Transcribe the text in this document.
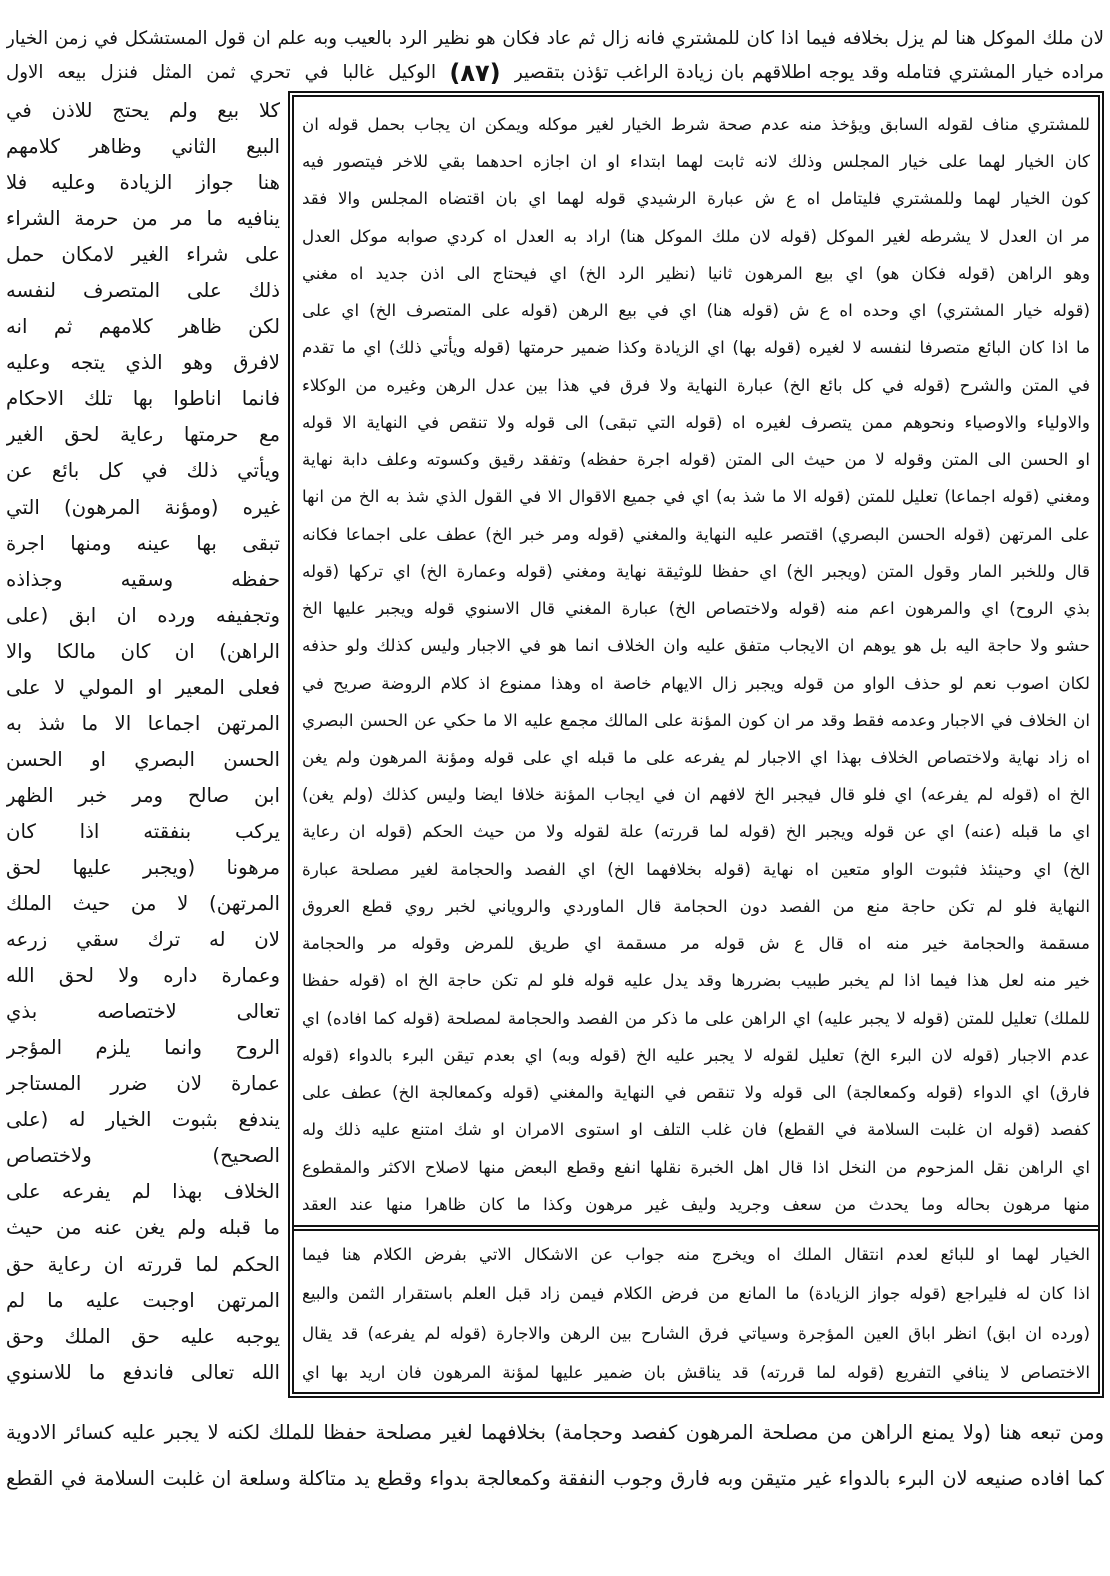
لان ملك الموكل هنا لم يزل بخلافه فيما اذا كان للمشتري فانه زال ثم عاد فكان هو نظير الرد بالعيب وبه علم ان قول المستشكل في زمن الخيار
مراده خيار المشتري فتامله وقد يوجه اطلاقهم بان زيادة الراغب تؤذن بتقصير
(٨٧)
الوكيل غالبا في تحري ثمن المثل فنزل بيعه الاول
كلا بيع ولم يحتج للاذن في
البيع الثاني وظاهر كلامهم
هنا جواز الزيادة وعليه فلا
ينافيه ما مر من حرمة الشراء
على شراء الغير لامكان حمل
ذلك على المتصرف لنفسه
لكن ظاهر كلامهم ثم انه
لافرق وهو الذي يتجه وعليه
فانما اناطوا بها تلك الاحكام
مع حرمتها رعاية لحق الغير
ويأتي ذلك في كل بائع عن
غيره (ومؤنة المرهون) التي
تبقى بها عينه ومنها اجرة
حفظه وسقيه وجذاذه
وتجفيفه ورده ان ابق (على
الراهن) ان كان مالكا والا
فعلى المعير او المولي لا على
المرتهن اجماعا الا ما شذ به
الحسن البصري او الحسن
ابن صالح ومر خبر الظهر
يركب بنفقته اذا كان
مرهونا (ويجبر عليها لحق
المرتهن) لا من حيث الملك
لان له ترك سقي زرعه
وعمارة داره ولا لحق الله
تعالى لاختصاصه بذي
الروح وانما يلزم المؤجر
عمارة لان ضرر المستاجر
يندفع بثبوت الخيار له (على
الصحيح) ولاختصاص
الخلاف بهذا لم يفرعه على
ما قبله ولم يغن عنه من حيث
الحكم لما قررته ان رعاية حق
المرتهن اوجبت عليه ما لم
يوجبه عليه حق الملك وحق
الله تعالى فاندفع ما للاسنوي
للمشتري مناف لقوله السابق ويؤخذ منه عدم صحة شرط الخيار لغير موكله ويمكن ان يجاب بحمل قوله ان
كان الخيار لهما على خيار المجلس وذلك لانه ثابت لهما ابتداء او ان اجازه احدهما بقي للاخر فيتصور فيه
كون الخيار لهما وللمشتري فليتامل اه ع ش عبارة الرشيدي قوله لهما اي بان اقتضاه المجلس والا فقد
مر ان العدل لا يشرطه لغير الموكل (قوله لان ملك الموكل هنا) اراد به العدل اه كردي صوابه موكل العدل
وهو الراهن (قوله فكان هو) اي بيع المرهون ثانيا (نظير الرد الخ) اي فيحتاج الى اذن جديد اه مغني
(قوله خيار المشتري) اي وحده اه ع ش (قوله هنا) اي في بيع الرهن (قوله على المتصرف الخ) اي على
ما اذا كان البائع متصرفا لنفسه لا لغيره (قوله بها) اي الزيادة وكذا ضمير حرمتها (قوله ويأتي ذلك) اي ما تقدم
في المتن والشرح (قوله في كل بائع الخ) عبارة النهاية ولا فرق في هذا بين عدل الرهن وغيره من الوكلاء
والاولياء والاوصياء ونحوهم ممن يتصرف لغيره اه (قوله التي تبقى) الى قوله ولا تنقص في النهاية الا قوله
او الحسن الى المتن وقوله لا من حيث الى المتن (قوله اجرة حفظه) وتفقد رقيق وكسوته وعلف دابة نهاية
ومغني (قوله اجماعا) تعليل للمتن (قوله الا ما شذ به) اي في جميع الاقوال الا في القول الذي شذ به الخ من انها
على المرتهن (قوله الحسن البصري) اقتصر عليه النهاية والمغني (قوله ومر خبر الخ) عطف على اجماعا فكانه
قال وللخبر المار وقول المتن (ويجبر الخ) اي حفظا للوثيقة نهاية ومغني (قوله وعمارة الخ) اي تركها (قوله
بذي الروح) اي والمرهون اعم منه (قوله ولاختصاص الخ) عبارة المغني قال الاسنوي قوله ويجبر عليها الخ
حشو ولا حاجة اليه بل هو يوهم ان الايجاب متفق عليه وان الخلاف انما هو في الاجبار وليس كذلك ولو حذفه
لكان اصوب نعم لو حذف الواو من قوله ويجبر زال الايهام خاصة اه وهذا ممنوع اذ كلام الروضة صريح في
ان الخلاف في الاجبار وعدمه فقط وقد مر ان كون المؤنة على المالك مجمع عليه الا ما حكي عن الحسن البصري
اه زاد نهاية ولاختصاص الخلاف بهذا اي الاجبار لم يفرعه على ما قبله اي على قوله ومؤنة المرهون ولم يغن
الخ اه (قوله لم يفرعه) اي فلو قال فيجبر الخ لافهم ان في ايجاب المؤنة خلافا ايضا وليس كذلك (ولم يغن)
اي ما قبله (عنه) اي عن قوله ويجبر الخ (قوله لما قررته) علة لقوله ولا من حيث الحكم (قوله ان رعاية
الخ) اي وحينئذ فثبوت الواو متعين اه نهاية (قوله بخلافهما الخ) اي الفصد والحجامة لغير مصلحة عبارة
النهاية فلو لم تكن حاجة منع من الفصد دون الحجامة قال الماوردي والروياني لخبر روي قطع العروق
مسقمة والحجامة خير منه اه قال ع ش قوله مر مسقمة اي طريق للمرض وقوله مر والحجامة
خير منه لعل هذا فيما اذا لم يخبر طبيب بضررها وقد يدل عليه قوله فلو لم تكن حاجة الخ اه (قوله حفظا
للملك) تعليل للمتن (قوله لا يجبر عليه) اي الراهن على ما ذكر من الفصد والحجامة لمصلحة (قوله كما افاده) اي
عدم الاجبار (قوله لان البرء الخ) تعليل لقوله لا يجبر عليه الخ (قوله وبه) اي بعدم تيقن البرء بالدواء (قوله
فارق) اي الدواء (قوله وكمعالجة) الى قوله ولا تنقص في النهاية والمغني (قوله وكمعالجة الخ) عطف على
كفصد (قوله ان غلبت السلامة في القطع) فان غلب التلف او استوى الامران او شك امتنع عليه ذلك وله
اي الراهن نقل المزحوم من النخل اذا قال اهل الخبرة نقلها انفع وقطع البعض منها لاصلاح الاكثر والمقطوع
منها مرهون بحاله وما يحدث من سعف وجريد وليف غير مرهون وكذا ما كان ظاهرا منها عند العقد
الخيار لهما او للبائع لعدم انتقال الملك اه ويخرج منه جواب عن الاشكال الاتي بفرض الكلام هنا فيما
اذا كان له فليراجع (قوله جواز الزيادة) ما المانع من فرض الكلام فيمن زاد قبل العلم باستقرار الثمن والبيع
(ورده ان ابق) انظر اباق العين المؤجرة وسياتي فرق الشارح بين الرهن والاجارة (قوله لم يفرعه) قد يقال
الاختصاص لا ينافي التفريع (قوله لما قررته) قد يناقش بان ضمير عليها لمؤنة المرهون فان اريد بها اي
ومن تبعه هنا (ولا يمنع الراهن من مصلحة المرهون كفصد وحجامة) بخلافهما لغير مصلحة حفظا للملك لكنه لا يجبر عليه كسائر الادوية
كما افاده صنيعه لان البرء بالدواء غير متيقن وبه فارق وجوب النفقة وكمعالجة بدواء وقطع يد متاكلة وسلعة ان غلبت السلامة في القطع
